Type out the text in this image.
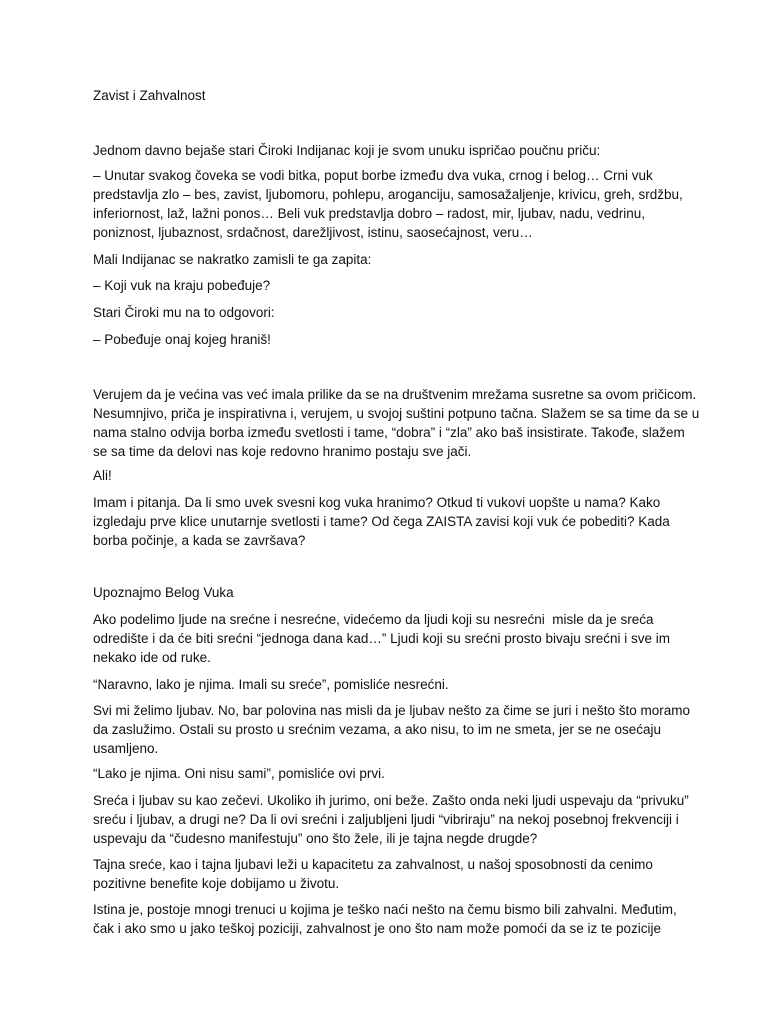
Zavist i Zahvalnost
Jednom davno bejaše stari Čiroki Indijanac koji je svom unuku ispričao poučnu priču:
– Unutar svakog čoveka se vodi bitka, poput borbe između dva vuka, crnog i belog… Crni vuk
predstavlja zlo – bes, zavist, ljubomoru, pohlepu, aroganciju, samosažaljenje, krivicu, greh, srdžbu,
inferiornost, laž, lažni ponos… Beli vuk predstavlja dobro – radost, mir, ljubav, nadu, vedrinu,
poniznost, ljubaznost, srdačnost, darežljivost, istinu, saosećajnost, veru…
Mali Indijanac se nakratko zamisli te ga zapita:
– Koji vuk na kraju pobeđuje?
Stari Čiroki mu na to odgovori:
– Pobeđuje onaj kojeg hraniš!
Verujem da je većina vas već imala prilike da se na društvenim mrežama susretne sa ovom pričicom.
Nesumnjivo, priča je inspirativna i, verujem, u svojoj suštini potpuno tačna. Slažem se sa time da se u
nama stalno odvija borba između svetlosti i tame, “dobra” i “zla” ako baš insistirate. Takođe, slažem
se sa time da delovi nas koje redovno hranimo postaju sve jači.
Ali!
Imam i pitanja. Da li smo uvek svesni kog vuka hranimo? Otkud ti vukovi uopšte u nama? Kako
izgledaju prve klice unutarnje svetlosti i tame? Od čega ZAISTA zavisi koji vuk će pobediti? Kada
borba počinje, a kada se završava?
Upoznajmo Belog Vuka
Ako podelimo ljude na srećne i nesrećne, videćemo da ljudi koji su nesrećni  misle da je sreća
odredište i da će biti srećni “jednoga dana kad…” Ljudi koji su srećni prosto bivaju srećni i sve im
nekako ide od ruke.
“Naravno, lako je njima. Imali su sreće”, pomisliće nesrećni.
Svi mi želimo ljubav. No, bar polovina nas misli da je ljubav nešto za čime se juri i nešto što moramo
da zaslužimo. Ostali su prosto u srećnim vezama, a ako nisu, to im ne smeta, jer se ne osećaju
usamljeno.
“Lako je njima. Oni nisu sami”, pomisliće ovi prvi.
Sreća i ljubav su kao zečevi. Ukoliko ih jurimo, oni beže. Zašto onda neki ljudi uspevaju da “privuku”
sreću i ljubav, a drugi ne? Da li ovi srećni i zaljubljeni ljudi “vibriraju” na nekoj posebnoj frekvenciji i
uspevaju da “čudesno manifestuju” ono što žele, ili je tajna negde drugde?
Tajna sreće, kao i tajna ljubavi leži u kapacitetu za zahvalnost, u našoj sposobnosti da cenimo
pozitivne benefite koje dobijamo u životu.
Istina je, postoje mnogi trenuci u kojima je teško naći nešto na čemu bismo bili zahvalni. Međutim,
čak i ako smo u jako teškoj poziciji, zahvalnost je ono što nam može pomoći da se iz te pozicije
